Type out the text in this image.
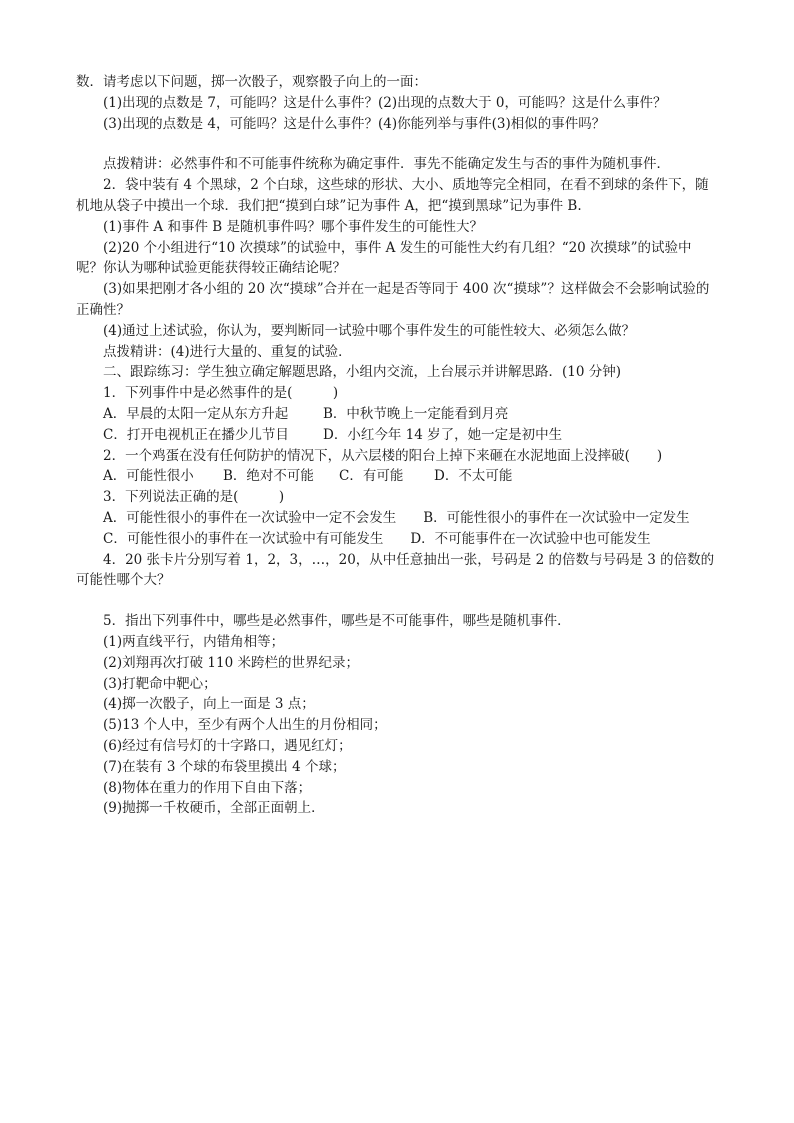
数．请考虑以下问题，掷一次骰子，观察骰子向上的一面：

(1)出现的点数是 7，可能吗？这是什么事件？(2)出现的点数大于 0，可能吗？这是什么事件？

(3)出现的点数是 4，可能吗？这是什么事件？(4)你能列举与事件(3)相似的事件吗？

点拨精讲：必然事件和不可能事件统称为确定事件．事先不能确定发生与否的事件为随机事件．

2．袋中装有 4 个黑球，2 个白球，这些球的形状、大小、质地等完全相同，在看不到球的条件下，随机地从袋子中摸出一个球．我们把“摸到白球”记为事件 A，把“摸到黑球”记为事件 B.

(1)事件 A 和事件 B 是随机事件吗？哪个事件发生的可能性大？

(2)20 个小组进行“10 次摸球”的试验中，事件 A 发生的可能性大约有几组？“20 次摸球”的试验中呢？你认为哪种试验更能获得较正确结论呢？

(3)如果把刚才各小组的 20 次“摸球”合并在一起是否等同于 400 次“摸球”？这样做会不会影响试验的正确性？

(4)通过上述试验，你认为，要判断同一试验中哪个事件发生的可能性较大、必须怎么做？

点拨精讲：(4)进行大量的、重复的试验．

二、跟踪练习：学生独立确定解题思路，小组内交流，上台展示并讲解思路．(10 分钟)

1．下列事件中是必然事件的是(　　　)

A．早晨的太阳一定从东方升起	B．中秋节晚上一定能看到月亮
C．打开电视机正在播少儿节目	D．小红今年 14 岁了，她一定是初中生

2．一个鸡蛋在没有任何防护的情况下，从六层楼的阳台上掉下来砸在水泥地面上没摔破(　　)

A．可能性很小 B．绝对不可能 C．有可能 D．不太可能

3．下列说法正确的是(　　　)

A．可能性很小的事件在一次试验中一定不会发生　　B．可能性很小的事件在一次试验中一定发生

C．可能性很小的事件在一次试验中有可能发生　　D．不可能事件在一次试验中也可能发生

4．20 张卡片分别写着 1，2，3，…，20，从中任意抽出一张，号码是 2 的倍数与号码是 3 的倍数的可能性哪个大？

5．指出下列事件中，哪些是必然事件，哪些是不可能事件，哪些是随机事件．

(1)两直线平行，内错角相等；

(2)刘翔再次打破 110 米跨栏的世界纪录；

(3)打靶命中靶心；

(4)掷一次骰子，向上一面是 3 点；

(5)13 个人中，至少有两个人出生的月份相同；

(6)经过有信号灯的十字路口，遇见红灯；

(7)在装有 3 个球的布袋里摸出 4 个球；

(8)物体在重力的作用下自由下落；

(9)抛掷一千枚硬币，全部正面朝上．
